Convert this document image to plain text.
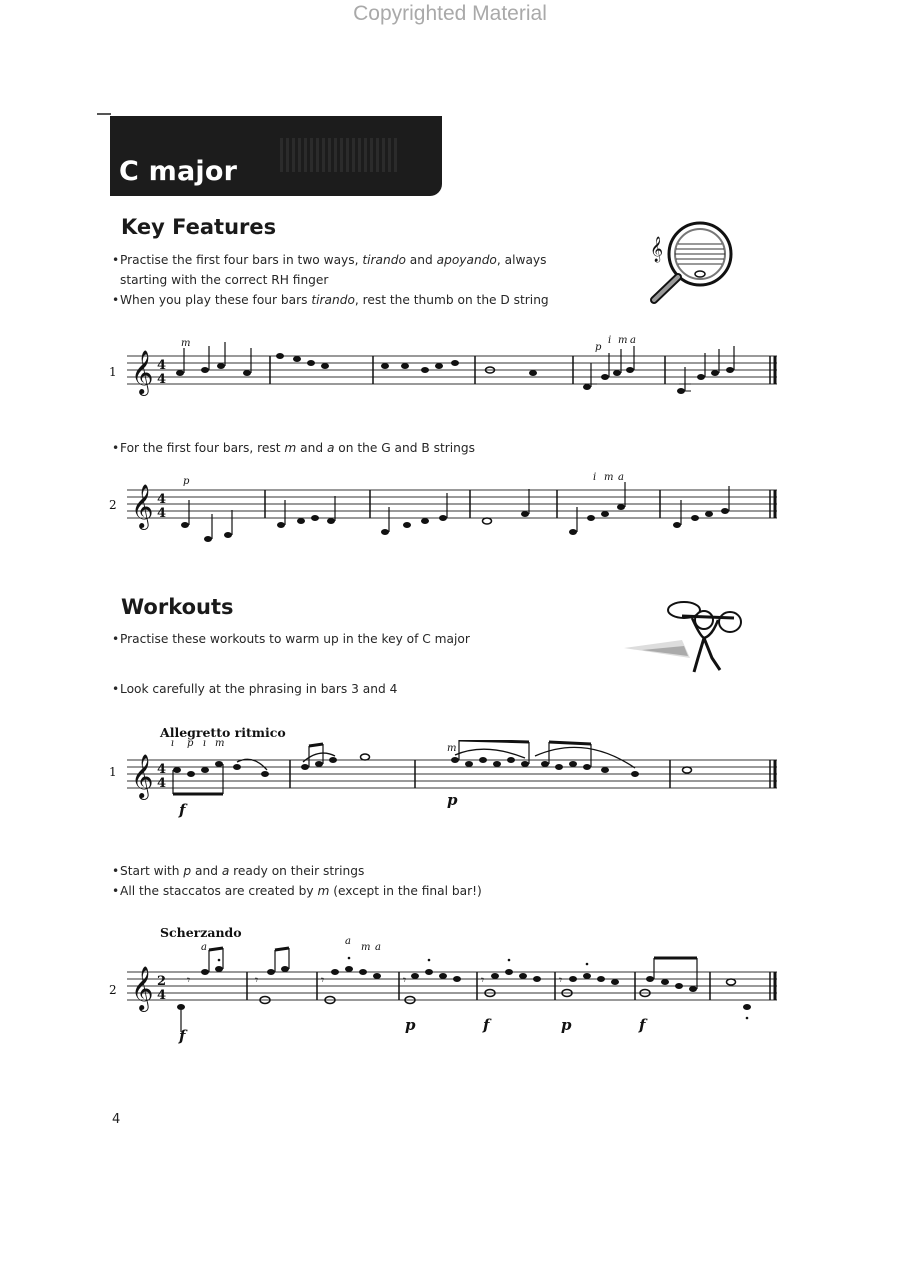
Copyrighted Material
C major
Key Features
𝄞
•Practise the first four bars in two ways, tirando and apoyando, always
starting with the correct RH finger
•When you play these four bars tirando, rest the thumb on the D string
1 𝄞 4
4
m	p
i m a
•For the first four bars, rest m and a on the G and B strings
2 𝄞 4
4
p	i m a
Workouts
•Practise these workouts to warm up in the key of C major
•Look carefully at the phrasing in bars 3 and 4
Allegretto ritmico
1 𝄞 4
4
i p i m	m
f
p
•Start with p and a ready on their strings
•All the staccatos are created by m (except in the final bar!)
Scherzando
2 𝄞 2
4
𝄾	𝄾	𝄾	𝄾	𝄾	𝄾
a
a
m a
f
p	f	p	f
4
